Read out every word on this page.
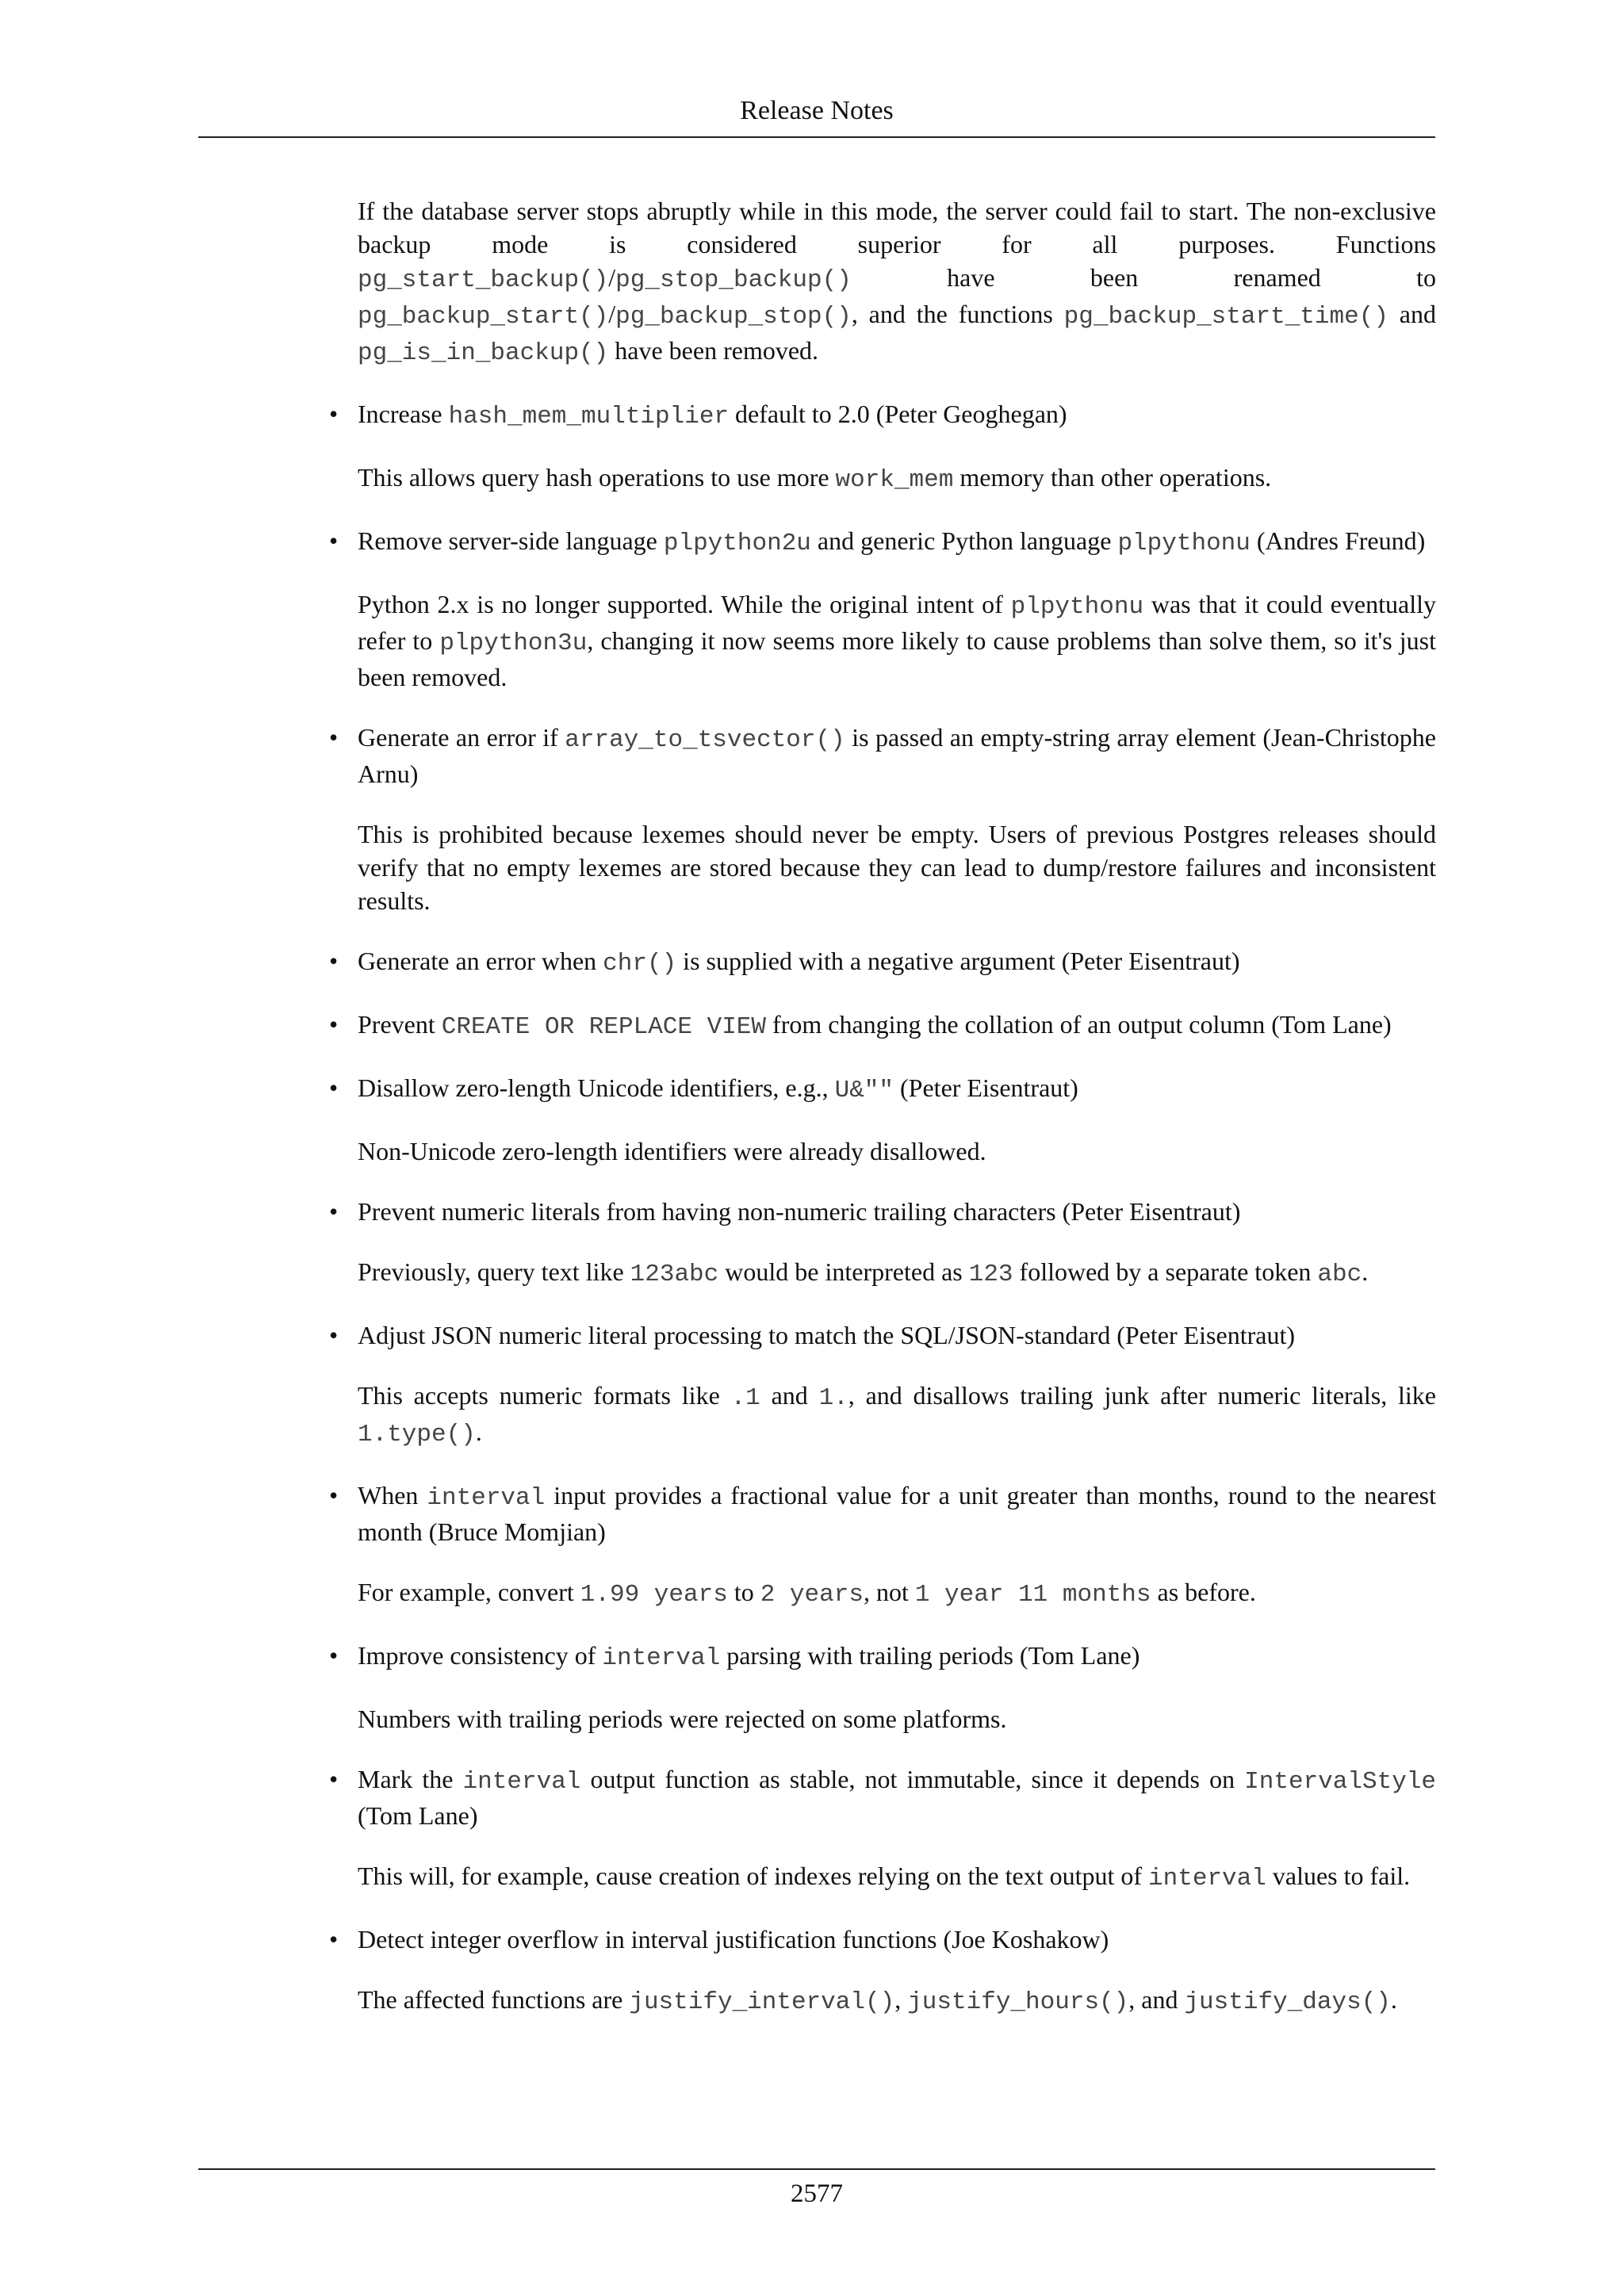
Release Notes

If the database server stops abruptly while in this mode, the server could fail to start. The non-exclusive backup mode is considered superior for all purposes. Functions pg_start_backup()/pg_stop_backup() have been renamed to pg_backup_start()/pg_backup_stop(), and the functions pg_backup_start_time() and pg_is_in_backup() have been removed.

• Increase hash_mem_multiplier default to 2.0 (Peter Geoghegan)

This allows query hash operations to use more work_mem memory than other operations.

• Remove server-side language plpython2u and generic Python language plpythonu (Andres Freund)

Python 2.x is no longer supported. While the original intent of plpythonu was that it could eventually refer to plpython3u, changing it now seems more likely to cause problems than solve them, so it's just been removed.

• Generate an error if array_to_tsvector() is passed an empty-string array element (Jean-Christophe Arnu)

This is prohibited because lexemes should never be empty. Users of previous Postgres releases should verify that no empty lexemes are stored because they can lead to dump/restore failures and inconsistent results.

• Generate an error when chr() is supplied with a negative argument (Peter Eisentraut)

• Prevent CREATE OR REPLACE VIEW from changing the collation of an output column (Tom Lane)

• Disallow zero-length Unicode identifiers, e.g., U&"" (Peter Eisentraut)

Non-Unicode zero-length identifiers were already disallowed.

• Prevent numeric literals from having non-numeric trailing characters (Peter Eisentraut)

Previously, query text like 123abc would be interpreted as 123 followed by a separate token abc.

• Adjust JSON numeric literal processing to match the SQL/JSON-standard (Peter Eisentraut)

This accepts numeric formats like .1 and 1., and disallows trailing junk after numeric literals, like 1.type().

• When interval input provides a fractional value for a unit greater than months, round to the nearest month (Bruce Momjian)

For example, convert 1.99 years to 2 years, not 1 year 11 months as before.

• Improve consistency of interval parsing with trailing periods (Tom Lane)

Numbers with trailing periods were rejected on some platforms.

• Mark the interval output function as stable, not immutable, since it depends on IntervalStyle (Tom Lane)

This will, for example, cause creation of indexes relying on the text output of interval values to fail.

• Detect integer overflow in interval justification functions (Joe Koshakow)

The affected functions are justify_interval(), justify_hours(), and justify_days().

2577
